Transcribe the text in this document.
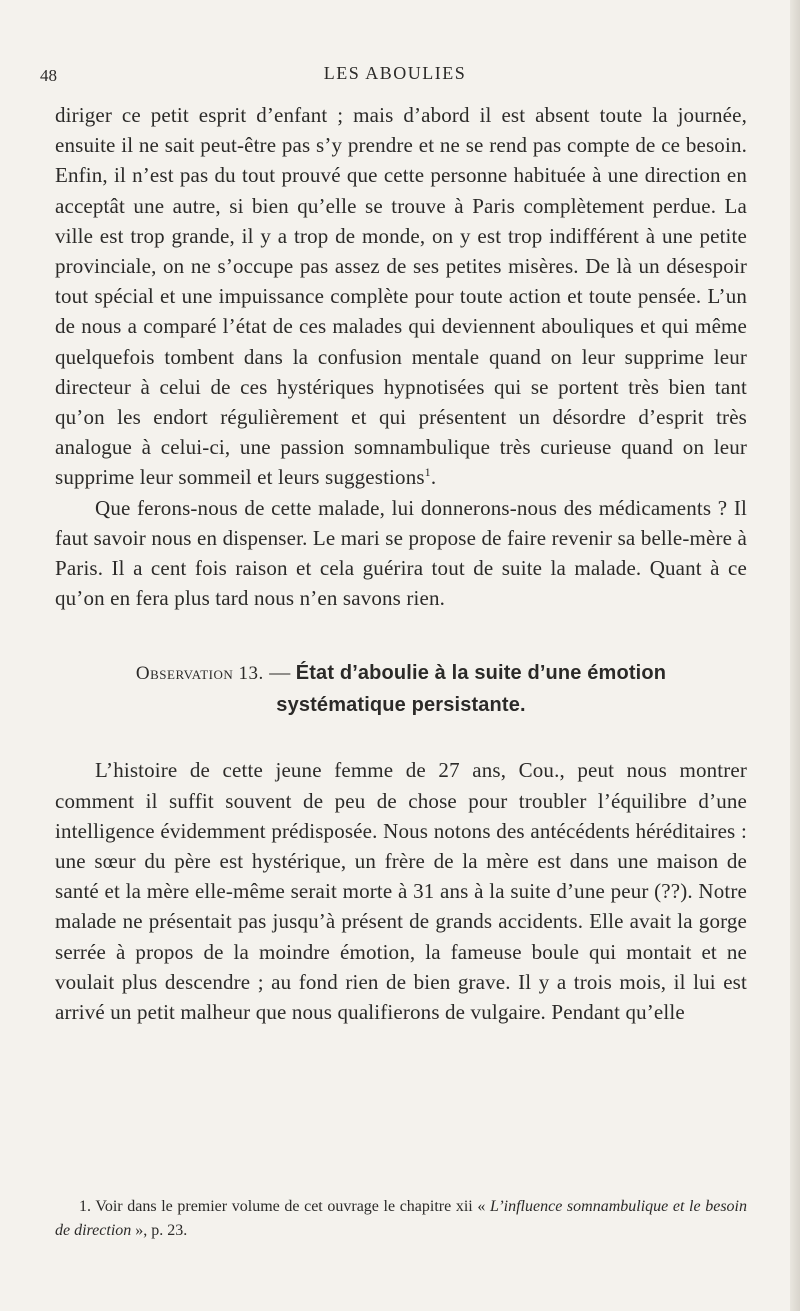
48	LES ABOULIES

diriger ce petit esprit d’enfant ; mais d’abord il est absent toute la journée, ensuite il ne sait peut-être pas s’y prendre et ne se rend pas compte de ce besoin. Enfin, il n’est pas du tout prouvé que cette personne habituée à une direction en acceptât une autre, si bien qu’elle se trouve à Paris complètement perdue. La ville est trop grande, il y a trop de monde, on y est trop indifférent à une petite provinciale, on ne s’occupe pas assez de ses petites misères. De là un désespoir tout spécial et une impuissance complète pour toute action et toute pensée. L’un de nous a comparé l’état de ces malades qui deviennent abouliques et qui même quelquefois tombent dans la confusion mentale quand on leur supprime leur directeur à celui de ces hystériques hypnotisées qui se portent très bien tant qu’on les endort régulièrement et qui présentent un désordre d’esprit très analogue à celui-ci, une passion somnambulique très curieuse quand on leur supprime leur sommeil et leurs suggestions$^1$.

Que ferons-nous de cette malade, lui donnerons-nous des médicaments ? Il faut savoir nous en dispenser. Le mari se propose de faire revenir sa belle-mère à Paris. Il a cent fois raison et cela guérira tout de suite la malade. Quant à ce qu’on en fera plus tard nous n’en savons rien.

Observation 13. — État d’aboulie à la suite d’une émotion
systématique persistante.

L’histoire de cette jeune femme de 27 ans, Cou., peut nous montrer comment il suffit souvent de peu de chose pour troubler l’équilibre d’une intelligence évidemment prédisposée. Nous notons des antécédents héréditaires : une sœur du père est hystérique, un frère de la mère est dans une maison de santé et la mère elle-même serait morte à 31 ans à la suite d’une peur (??). Notre malade ne présentait pas jusqu’à présent de grands accidents. Elle avait la gorge serrée à propos de la moindre émotion, la fameuse boule qui montait et ne voulait plus descendre ; au fond rien de bien grave. Il y a trois mois, il lui est arrivé un petit malheur que nous qualifierons de vulgaire. Pendant qu’elle

1. Voir dans le premier volume de cet ouvrage le chapitre xii « L’influence somnambulique et le besoin de direction », p. 23.
